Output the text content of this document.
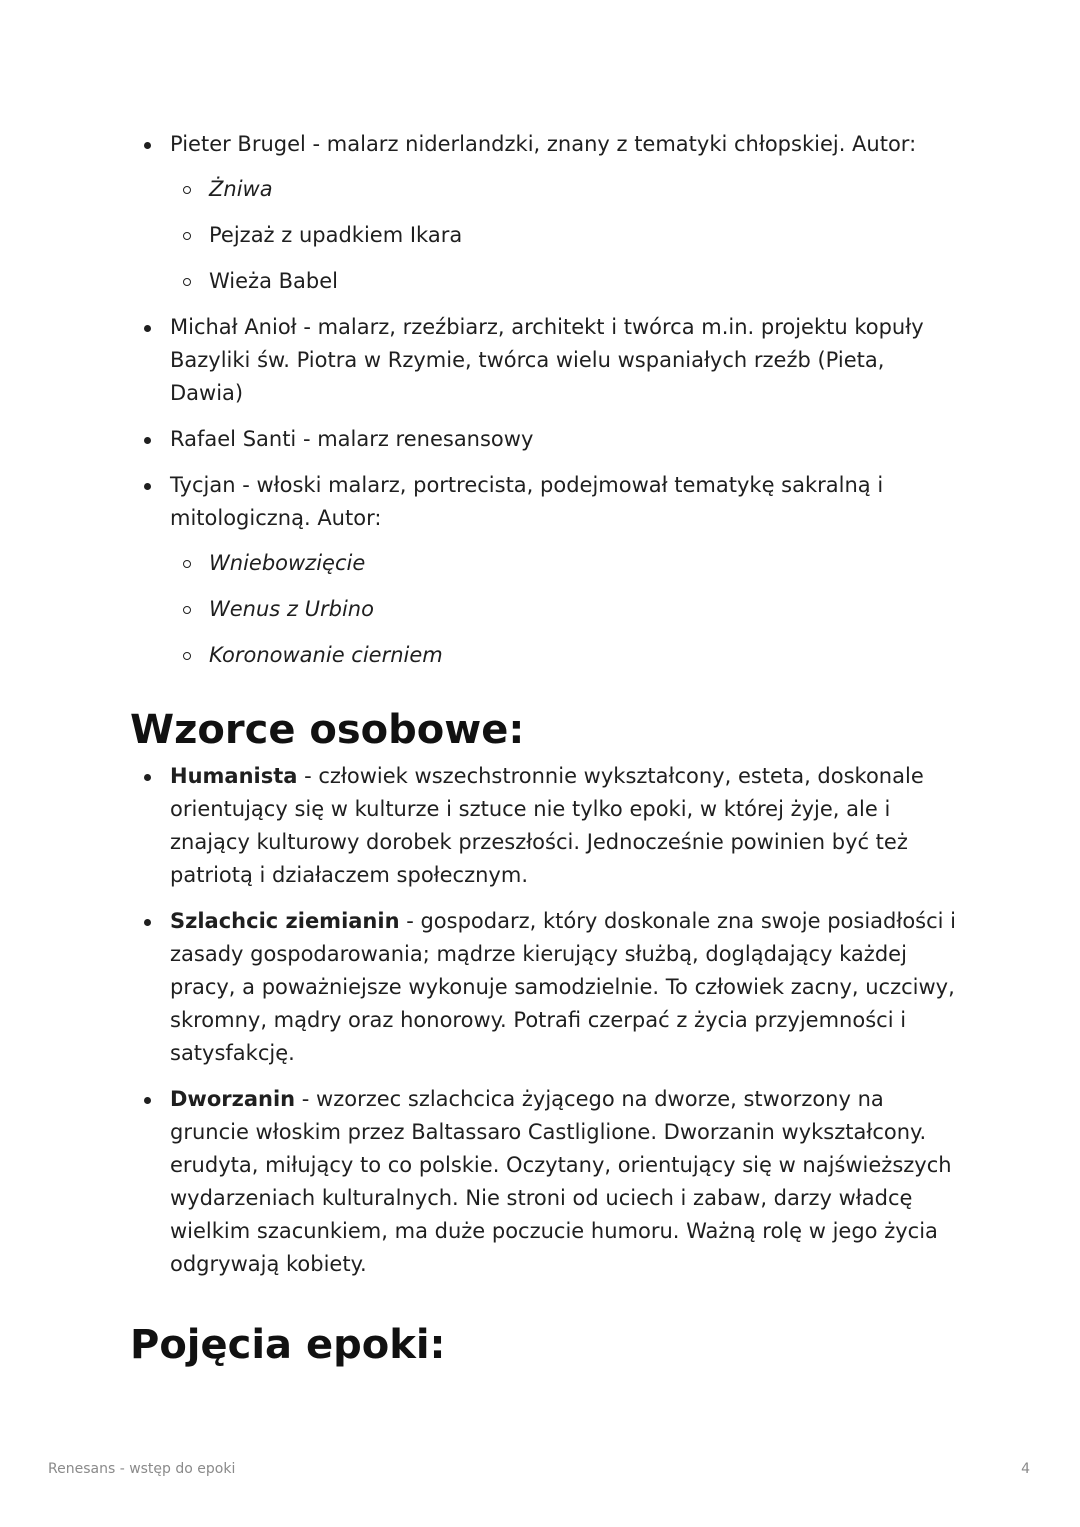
Pieter Brugel - malarz niderlandzki, znany z tematyki chłopskiej. Autor:
Żniwa
Pejzaż z upadkiem Ikara
Wieża Babel
Michał Anioł - malarz, rzeźbiarz, architekt i twórca m.in. projektu kopuły Bazyliki św. Piotra w Rzymie, twórca wielu wspaniałych rzeźb (Pieta, Dawia)
Rafael Santi - malarz renesansowy
Tycjan - włoski malarz, portrecista, podejmował tematykę sakralną i mitologiczną. Autor:
Wniebowzięcie
Wenus z Urbino
Koronowanie cierniem
Wzorce osobowe:
Humanista - człowiek wszechstronnie wykształcony, esteta, doskonale orientujący się w kulturze i sztuce nie tylko epoki, w której żyje, ale i znający kulturowy dorobek przeszłości. Jednocześnie powinien być też patriotą i działaczem społecznym.
Szlachcic ziemianin - gospodarz, który doskonale zna swoje posiadłości i zasady gospodarowania; mądrze kierujący służbą, doglądający każdej pracy, a poważniejsze wykonuje samodzielnie. To człowiek zacny, uczciwy, skromny, mądry oraz honorowy. Potrafi czerpać z życia przyjemności i satysfakcję.
Dworzanin - wzorzec szlachcica żyjącego na dworze, stworzony na gruncie włoskim przez Baltassaro Castliglione. Dworzanin wykształcony. erudyta, miłujący to co polskie. Oczytany, orientujący się w najświeższych wydarzeniach kulturalnych. Nie stroni od uciech i zabaw, darzy władcę wielkim szacunkiem, ma duże poczucie humoru. Ważną rolę w jego życia odgrywają kobiety.
Pojęcia epoki:
Renesans - wstęp do epoki	4
